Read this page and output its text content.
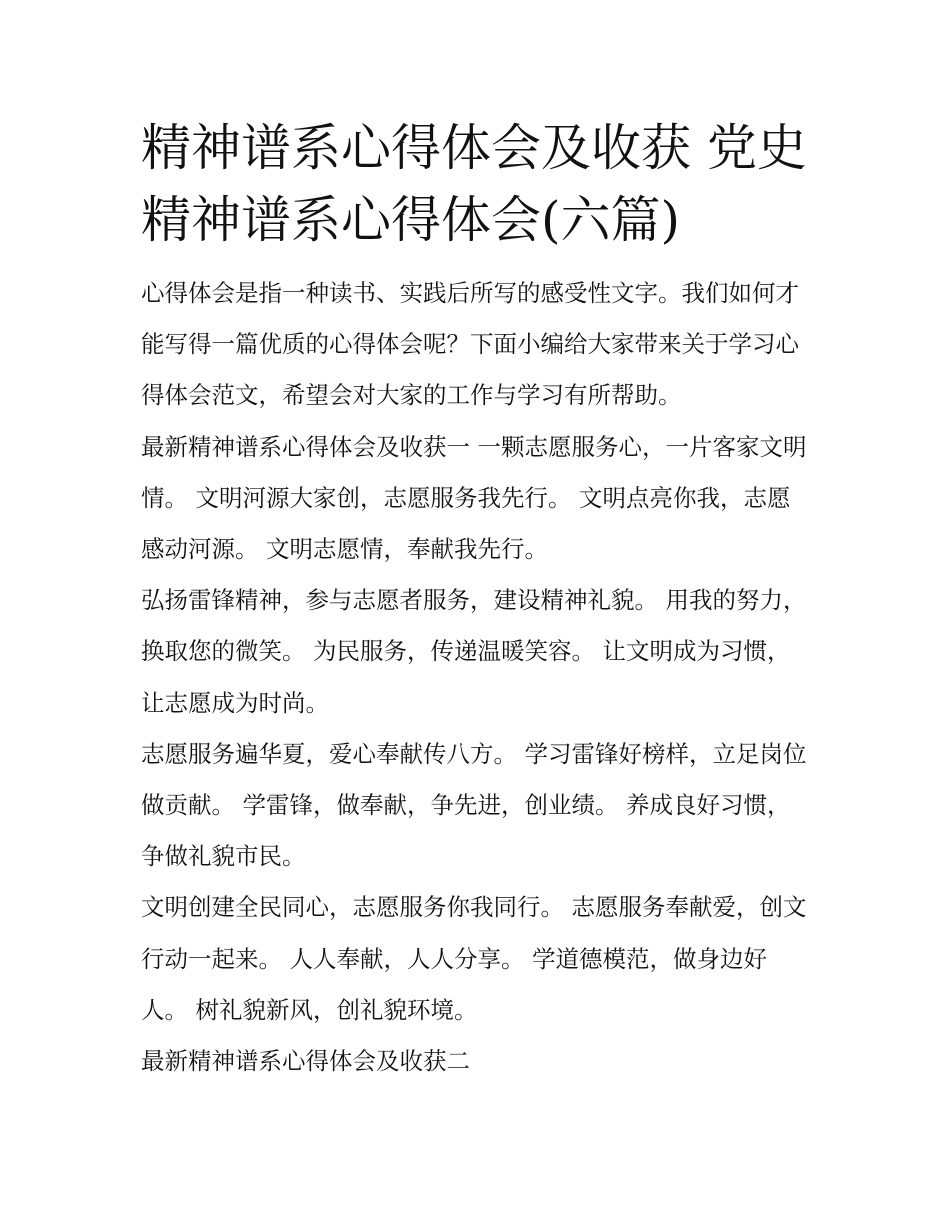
精神谱系心得体会及收获 党史
精神谱系心得体会(六篇)

心得体会是指一种读书、实践后所写的感受性文字。我们如何才能写得一篇优质的心得体会呢？下面小编给大家带来关于学习心得体会范文，希望会对大家的工作与学习有所帮助。

最新精神谱系心得体会及收获一 一颗志愿服务心，一片客家文明情。 文明河源大家创，志愿服务我先行。 文明点亮你我，志愿感动河源。 文明志愿情，奉献我先行。

弘扬雷锋精神，参与志愿者服务，建设精神礼貌。 用我的努力，换取您的微笑。 为民服务，传递温暖笑容。 让文明成为习惯，让志愿成为时尚。

志愿服务遍华夏，爱心奉献传八方。 学习雷锋好榜样，立足岗位做贡献。 学雷锋，做奉献，争先进，创业绩。 养成良好习惯，争做礼貌市民。

文明创建全民同心，志愿服务你我同行。 志愿服务奉献爱，创文行动一起来。 人人奉献，人人分享。 学道德模范，做身边好人。 树礼貌新风，创礼貌环境。

最新精神谱系心得体会及收获二
